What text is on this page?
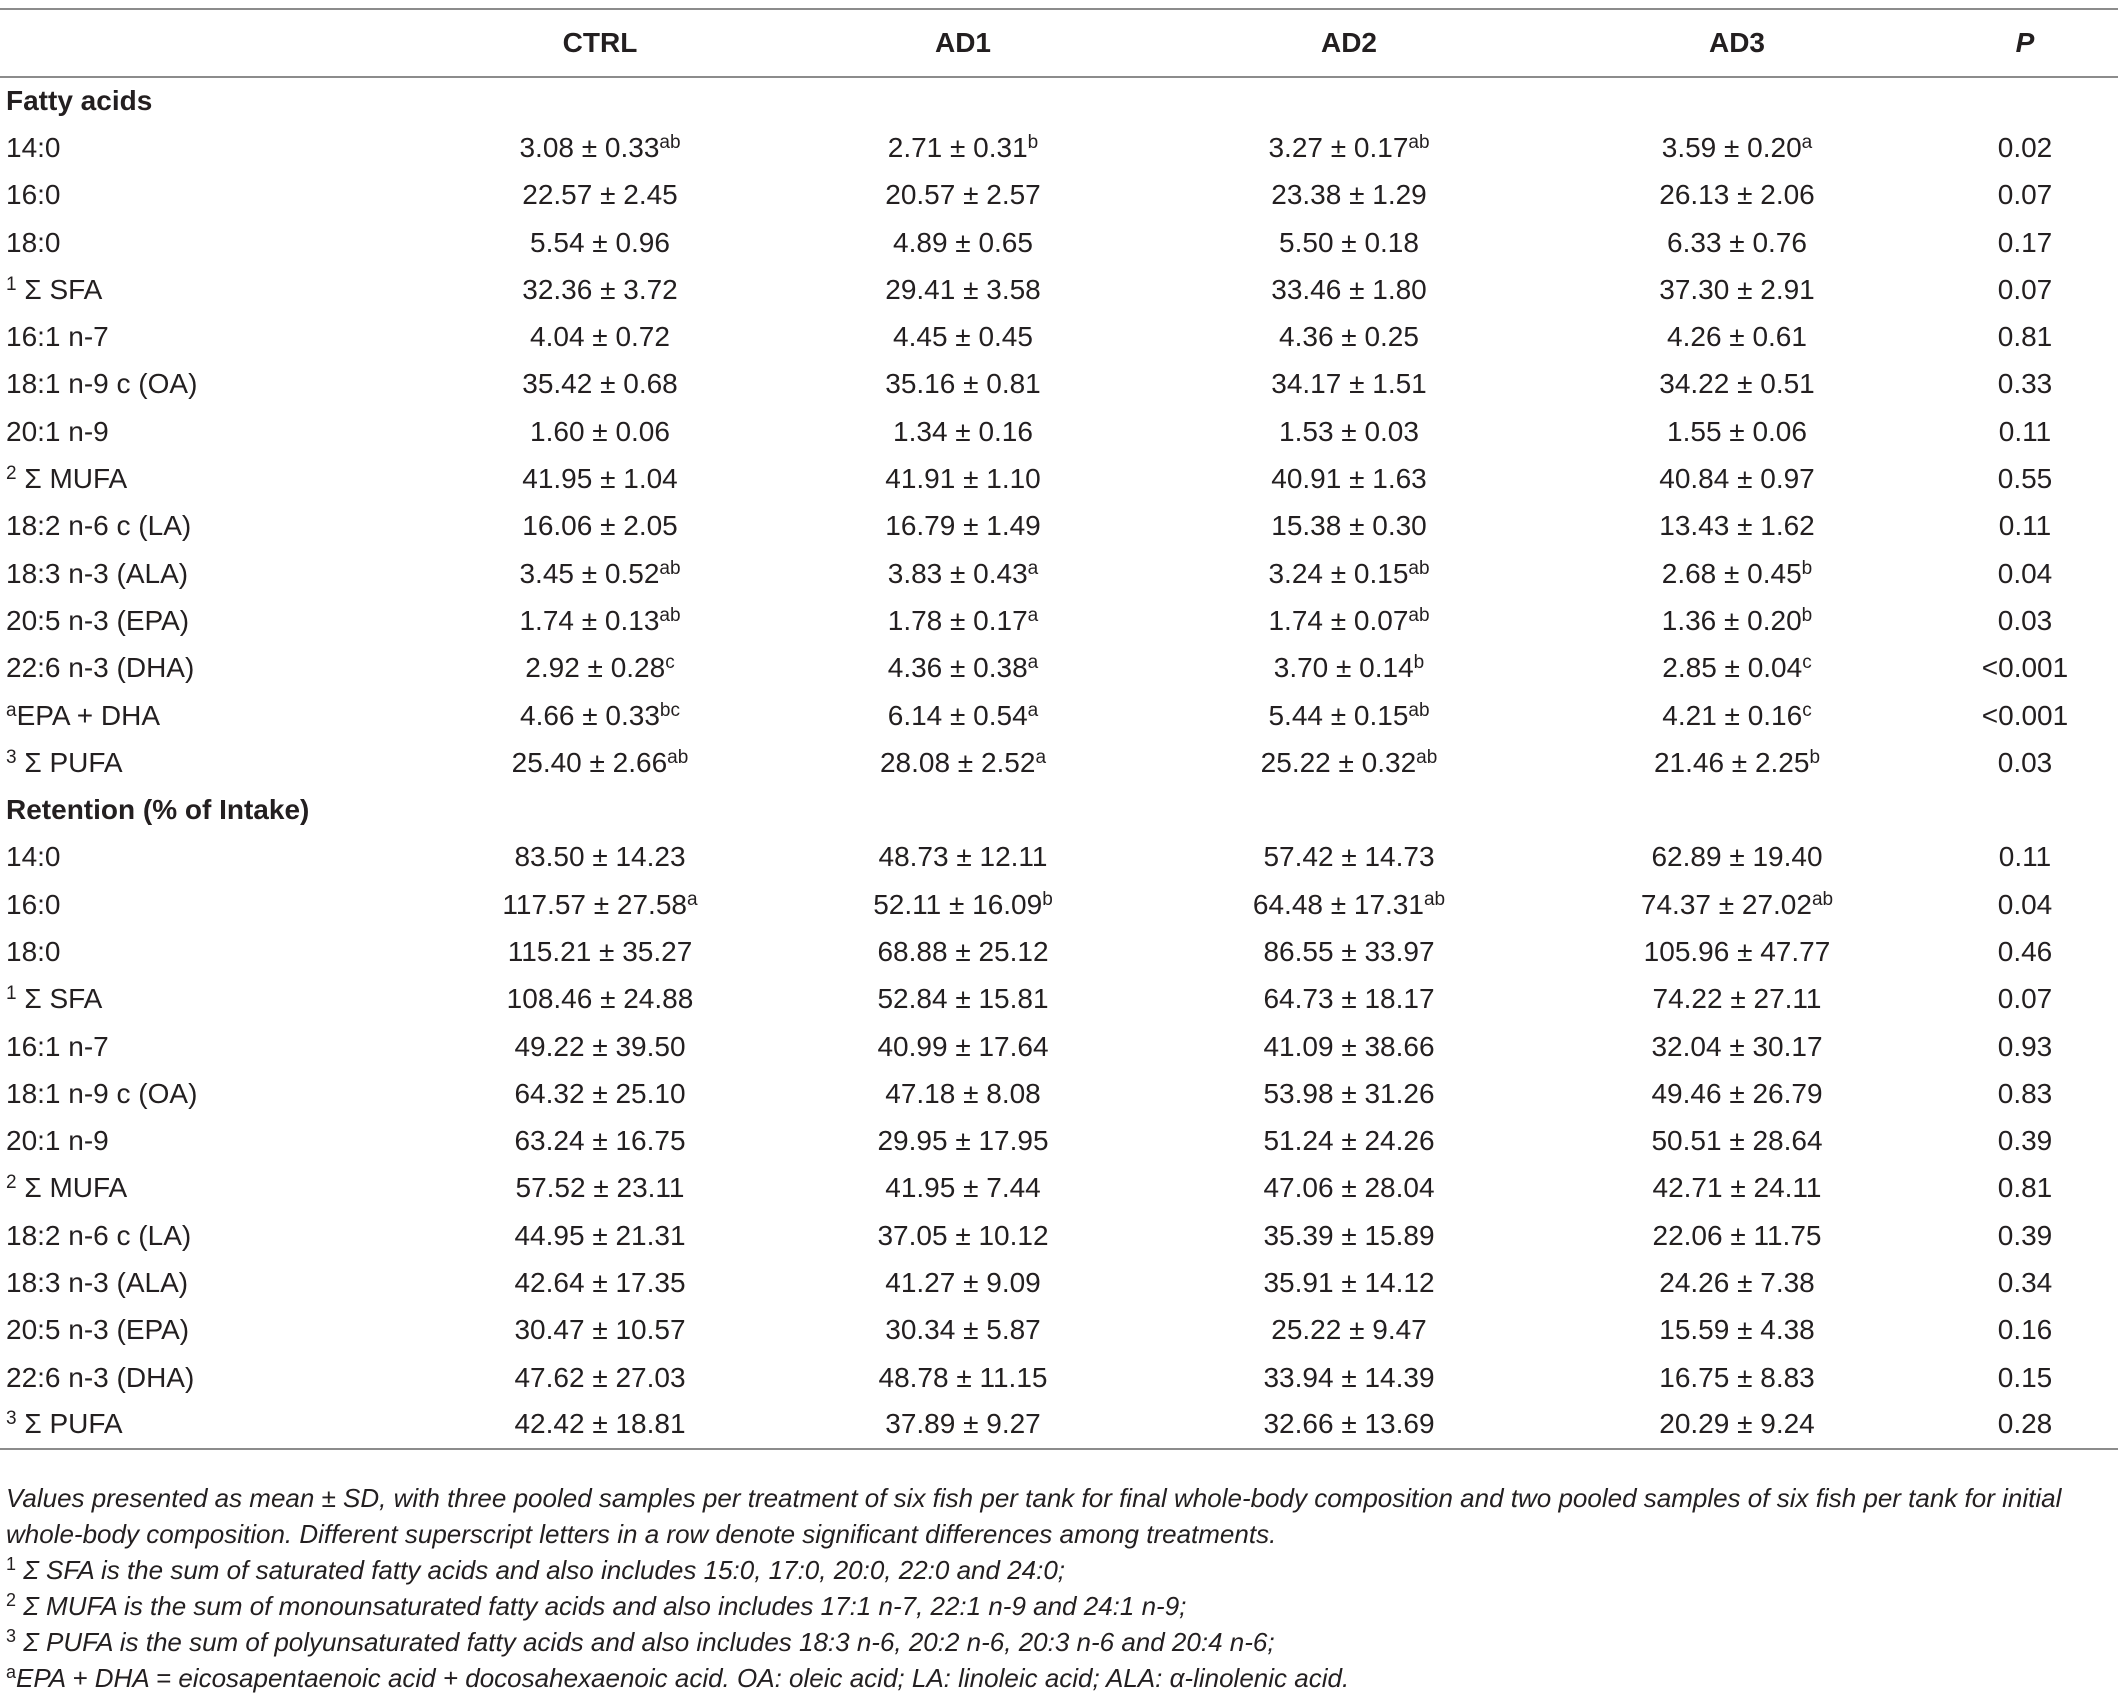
	CTRL	AD1	AD2	AD3	P
Fatty acids					
14:0	3.08 ± 0.33$^{ab}$	2.71 ± 0.31$^b$	3.27 ± 0.17$^{ab}$	3.59 ± 0.20$^a$	0.02
16:0	22.57 ± 2.45	20.57 ± 2.57	23.38 ± 1.29	26.13 ± 2.06	0.07
18:0	5.54 ± 0.96	4.89 ± 0.65	5.50 ± 0.18	6.33 ± 0.76	0.17
$^1$ Σ SFA	32.36 ± 3.72	29.41 ± 3.58	33.46 ± 1.80	37.30 ± 2.91	0.07
16:1 n-7	4.04 ± 0.72	4.45 ± 0.45	4.36 ± 0.25	4.26 ± 0.61	0.81
18:1 n-9 c (OA)	35.42 ± 0.68	35.16 ± 0.81	34.17 ± 1.51	34.22 ± 0.51	0.33
20:1 n-9	1.60 ± 0.06	1.34 ± 0.16	1.53 ± 0.03	1.55 ± 0.06	0.11
$^2$ Σ MUFA	41.95 ± 1.04	41.91 ± 1.10	40.91 ± 1.63	40.84 ± 0.97	0.55
18:2 n-6 c (LA)	16.06 ± 2.05	16.79 ± 1.49	15.38 ± 0.30	13.43 ± 1.62	0.11
18:3 n-3 (ALA)	3.45 ± 0.52$^{ab}$	3.83 ± 0.43$^a$	3.24 ± 0.15$^{ab}$	2.68 ± 0.45$^b$	0.04
20:5 n-3 (EPA)	1.74 ± 0.13$^{ab}$	1.78 ± 0.17$^a$	1.74 ± 0.07$^{ab}$	1.36 ± 0.20$^b$	0.03
22:6 n-3 (DHA)	2.92 ± 0.28$^c$	4.36 ± 0.38$^a$	3.70 ± 0.14$^b$	2.85 ± 0.04$^c$	<0.001
$^a$EPA + DHA	4.66 ± 0.33$^{bc}$	6.14 ± 0.54$^a$	5.44 ± 0.15$^{ab}$	4.21 ± 0.16$^c$	<0.001
$^3$ Σ PUFA	25.40 ± 2.66$^{ab}$	28.08 ± 2.52$^a$	25.22 ± 0.32$^{ab}$	21.46 ± 2.25$^b$	0.03
Retention (% of Intake)					
14:0	83.50 ± 14.23	48.73 ± 12.11	57.42 ± 14.73	62.89 ± 19.40	0.11
16:0	117.57 ± 27.58$^a$	52.11 ± 16.09$^b$	64.48 ± 17.31$^{ab}$	74.37 ± 27.02$^{ab}$	0.04
18:0	115.21 ± 35.27	68.88 ± 25.12	86.55 ± 33.97	105.96 ± 47.77	0.46
$^1$ Σ SFA	108.46 ± 24.88	52.84 ± 15.81	64.73 ± 18.17	74.22 ± 27.11	0.07
16:1 n-7	49.22 ± 39.50	40.99 ± 17.64	41.09 ± 38.66	32.04 ± 30.17	0.93
18:1 n-9 c (OA)	64.32 ± 25.10	47.18 ± 8.08	53.98 ± 31.26	49.46 ± 26.79	0.83
20:1 n-9	63.24 ± 16.75	29.95 ± 17.95	51.24 ± 24.26	50.51 ± 28.64	0.39
$^2$ Σ MUFA	57.52 ± 23.11	41.95 ± 7.44	47.06 ± 28.04	42.71 ± 24.11	0.81
18:2 n-6 c (LA)	44.95 ± 21.31	37.05 ± 10.12	35.39 ± 15.89	22.06 ± 11.75	0.39
18:3 n-3 (ALA)	42.64 ± 17.35	41.27 ± 9.09	35.91 ± 14.12	24.26 ± 7.38	0.34
20:5 n-3 (EPA)	30.47 ± 10.57	30.34 ± 5.87	25.22 ± 9.47	15.59 ± 4.38	0.16
22:6 n-3 (DHA)	47.62 ± 27.03	48.78 ± 11.15	33.94 ± 14.39	16.75 ± 8.83	0.15
$^3$ Σ PUFA	42.42 ± 18.81	37.89 ± 9.27	32.66 ± 13.69	20.29 ± 9.24	0.28
Values presented as mean ± SD, with three pooled samples per treatment of six fish per tank for final whole-body composition and two pooled samples of six fish per tank for initial whole-body composition. Different superscript letters in a row denote significant differences among treatments.
$^1$ Σ SFA is the sum of saturated fatty acids and also includes 15:0, 17:0, 20:0, 22:0 and 24:0;
$^2$ Σ MUFA is the sum of monounsaturated fatty acids and also includes 17:1 n-7, 22:1 n-9 and 24:1 n-9;
$^3$ Σ PUFA is the sum of polyunsaturated fatty acids and also includes 18:3 n-6, 20:2 n-6, 20:3 n-6 and 20:4 n-6;
$^a$EPA + DHA = eicosapentaenoic acid + docosahexaenoic acid. OA: oleic acid; LA: linoleic acid; ALA: α-linolenic acid.
